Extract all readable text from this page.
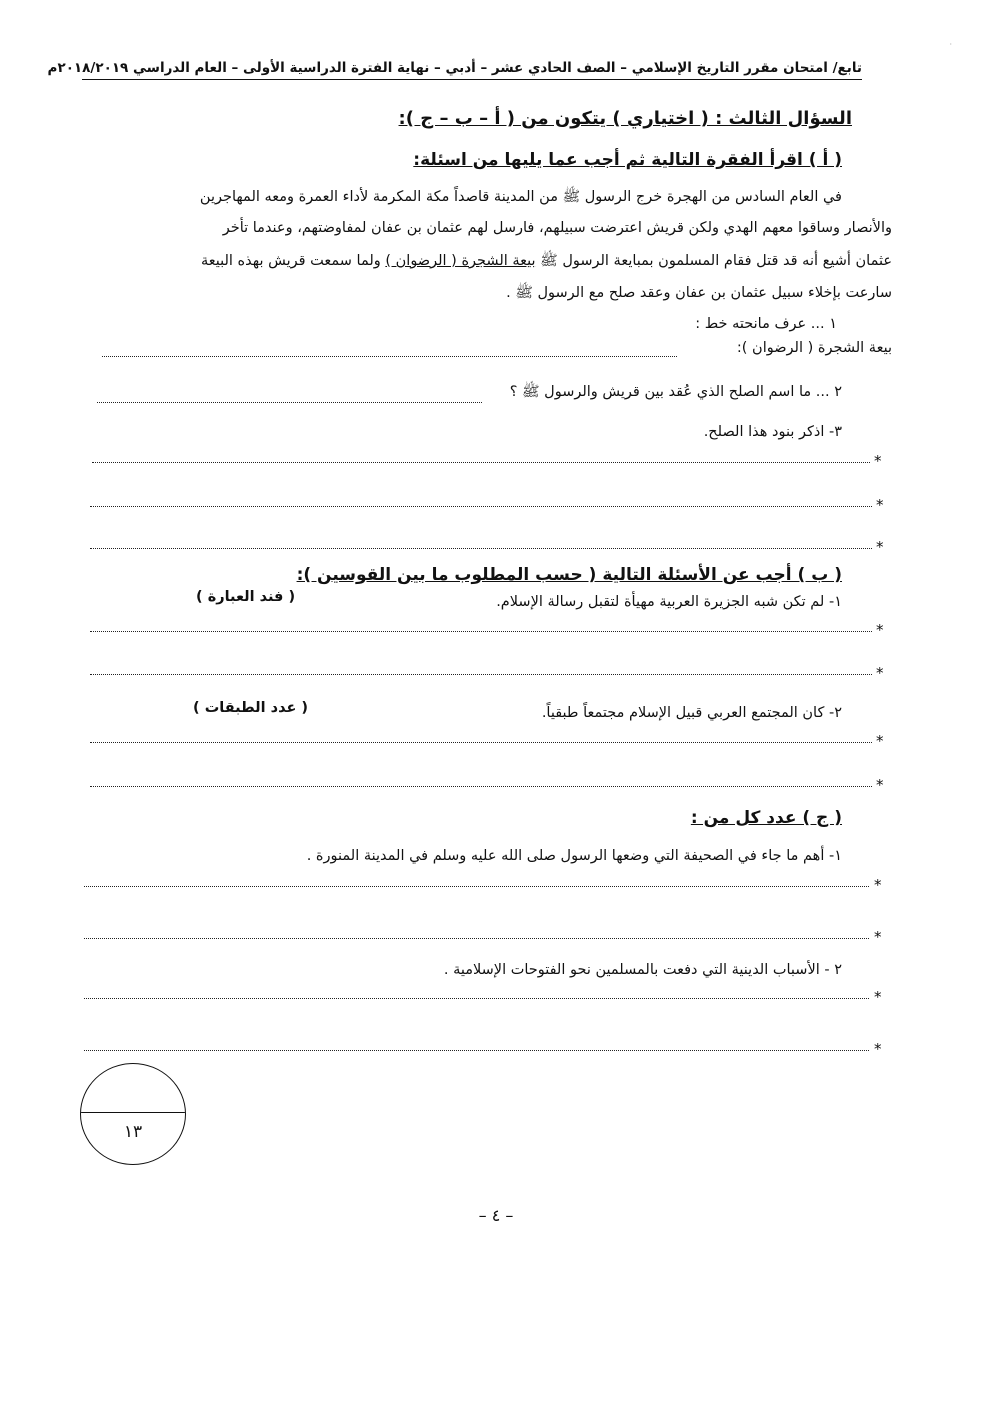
·
تابع/ امتحان مقرر التاريخ الإسلامي – الصف الحادي عشر – أدبي – نهاية الفترة الدراسية الأولى – العام الدراسي ٢٠١٨/٢٠١٩م
السؤال الثالث : ( اختياري ) يتكون من ( أ – ب – ج ):
( أ ) اقرأ الفقرة التالية ثم أجب عما يليها من اسئلة:
في العام السادس من الهجرة خرج الرسول ﷺ من المدينة قاصداً مكة المكرمة لأداء العمرة ومعه المهاجرين
والأنصار وساقوا معهم الهدي ولكن قريش اعترضت سبيلهم، فارسل لهم عثمان بن عفان لمفاوضتهم، وعندما تأخر
عثمان أشيع أنه قد قتل فقام المسلمون بمبايعة الرسول ﷺ بيعة الشجرة ( الرضوان ) ولما سمعت قريش بهذه البيعة
سارعت بإخلاء سبيل عثمان بن عفان وعقد صلح مع الرسول ﷺ .
١ ... عرف مانحته خط :
بيعة الشجرة ( الرضوان ):
٢ ... ما اسم الصلح الذي عُقد بين قريش والرسول ﷺ ؟
٣- اذكر بنود هذا الصلح.
*
*
*
( ب ) أجب عن الأسئلة التالية ( حسب المطلوب ما بين القوسين ):
١- لم تكن شبه الجزيرة العربية مهيأة لتقبل رسالة الإسلام.
( فند العبارة )
*
*
٢- كان المجتمع العربي قبيل الإسلام مجتمعاً طبقياً.
( عدد الطبقات )
*
*
( ج ) عدد كل من :
١- أهم ما جاء في الصحيفة التي وضعها الرسول صلى الله عليه وسلم في المدينة المنورة .
*
*
٢ - الأسباب الدينية التي دفعت بالمسلمين نحو الفتوحات الإسلامية .
*
*
١٣
– ٤ –
